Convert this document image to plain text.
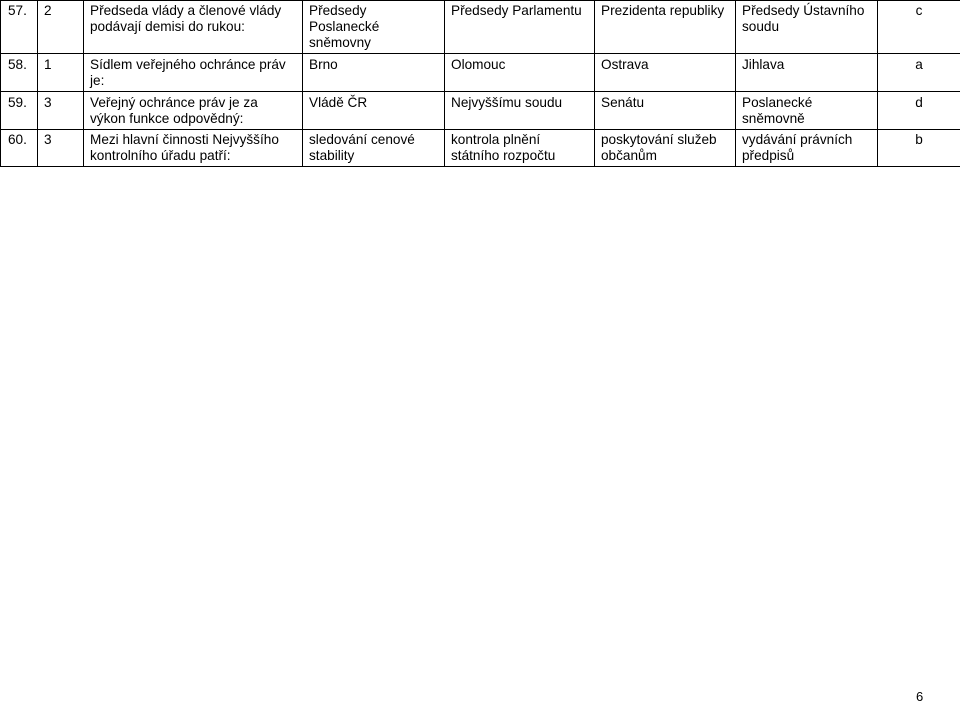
57.	2	Předseda vlády a členové vlády podávají demisi do rukou:	Předsedy Poslanecké sněmovny	Předsedy Parlamentu	Prezidenta republiky	Předsedy Ústavního soudu	c
58.	1	Sídlem veřejného ochránce práv je:	Brno	Olomouc	Ostrava	Jihlava	a
59.	3	Veřejný ochránce práv je za výkon funkce odpovědný:	Vládě ČR	Nejvyššímu soudu	Senátu	Poslanecké sněmovně	d
60.	3	Mezi hlavní činnosti Nejvyššího kontrolního úřadu patří:	sledování cenové stability	kontrola plnění státního rozpočtu	poskytování služeb občanům	vydávání právních předpisů	b
6
